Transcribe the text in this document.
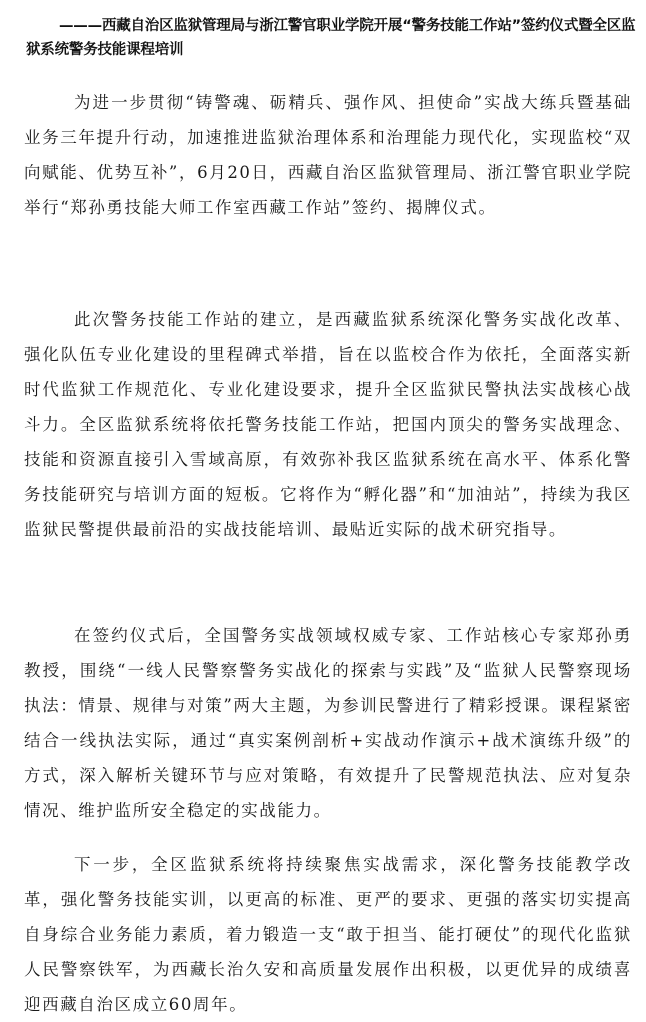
———西藏自治区监狱管理局与浙江警官职业学院开展“警务技能工作站”签约仪式暨全区监狱系统警务技能课程培训

为进一步贯彻“铸警魂、砺精兵、强作风、担使命”实战大练兵暨基础业务三年提升行动，加速推进监狱治理体系和治理能力现代化，实现监校“双向赋能、优势互补”，6月20日，西藏自治区监狱管理局、浙江警官职业学院举行“郑孙勇技能大师工作室西藏工作站”签约、揭牌仪式。

此次警务技能工作站的建立，是西藏监狱系统深化警务实战化改革、强化队伍专业化建设的里程碑式举措，旨在以监校合作为依托，全面落实新时代监狱工作规范化、专业化建设要求，提升全区监狱民警执法实战核心战斗力。全区监狱系统将依托警务技能工作站，把国内顶尖的警务实战理念、技能和资源直接引入雪域高原，有效弥补我区监狱系统在高水平、体系化警务技能研究与培训方面的短板。它将作为“孵化器”和“加油站”，持续为我区监狱民警提供最前沿的实战技能培训、最贴近实际的战术研究指导。

在签约仪式后，全国警务实战领域权威专家、工作站核心专家郑孙勇教授，围绕“一线人民警察警务实战化的探索与实践”及“监狱人民警察现场执法：情景、规律与对策”两大主题，为参训民警进行了精彩授课。课程紧密结合一线执法实际，通过“真实案例剖析+实战动作演示+战术演练升级”的方式，深入解析关键环节与应对策略，有效提升了民警规范执法、应对复杂情况、维护监所安全稳定的实战能力。

下一步，全区监狱系统将持续聚焦实战需求，深化警务技能教学改革，强化警务技能实训，以更高的标准、更严的要求、更强的落实切实提高自身综合业务能力素质，着力锻造一支“敢于担当、能打硬仗”的现代化监狱人民警察铁军，为西藏长治久安和高质量发展作出积极，以更优异的成绩喜迎西藏自治区成立60周年。
